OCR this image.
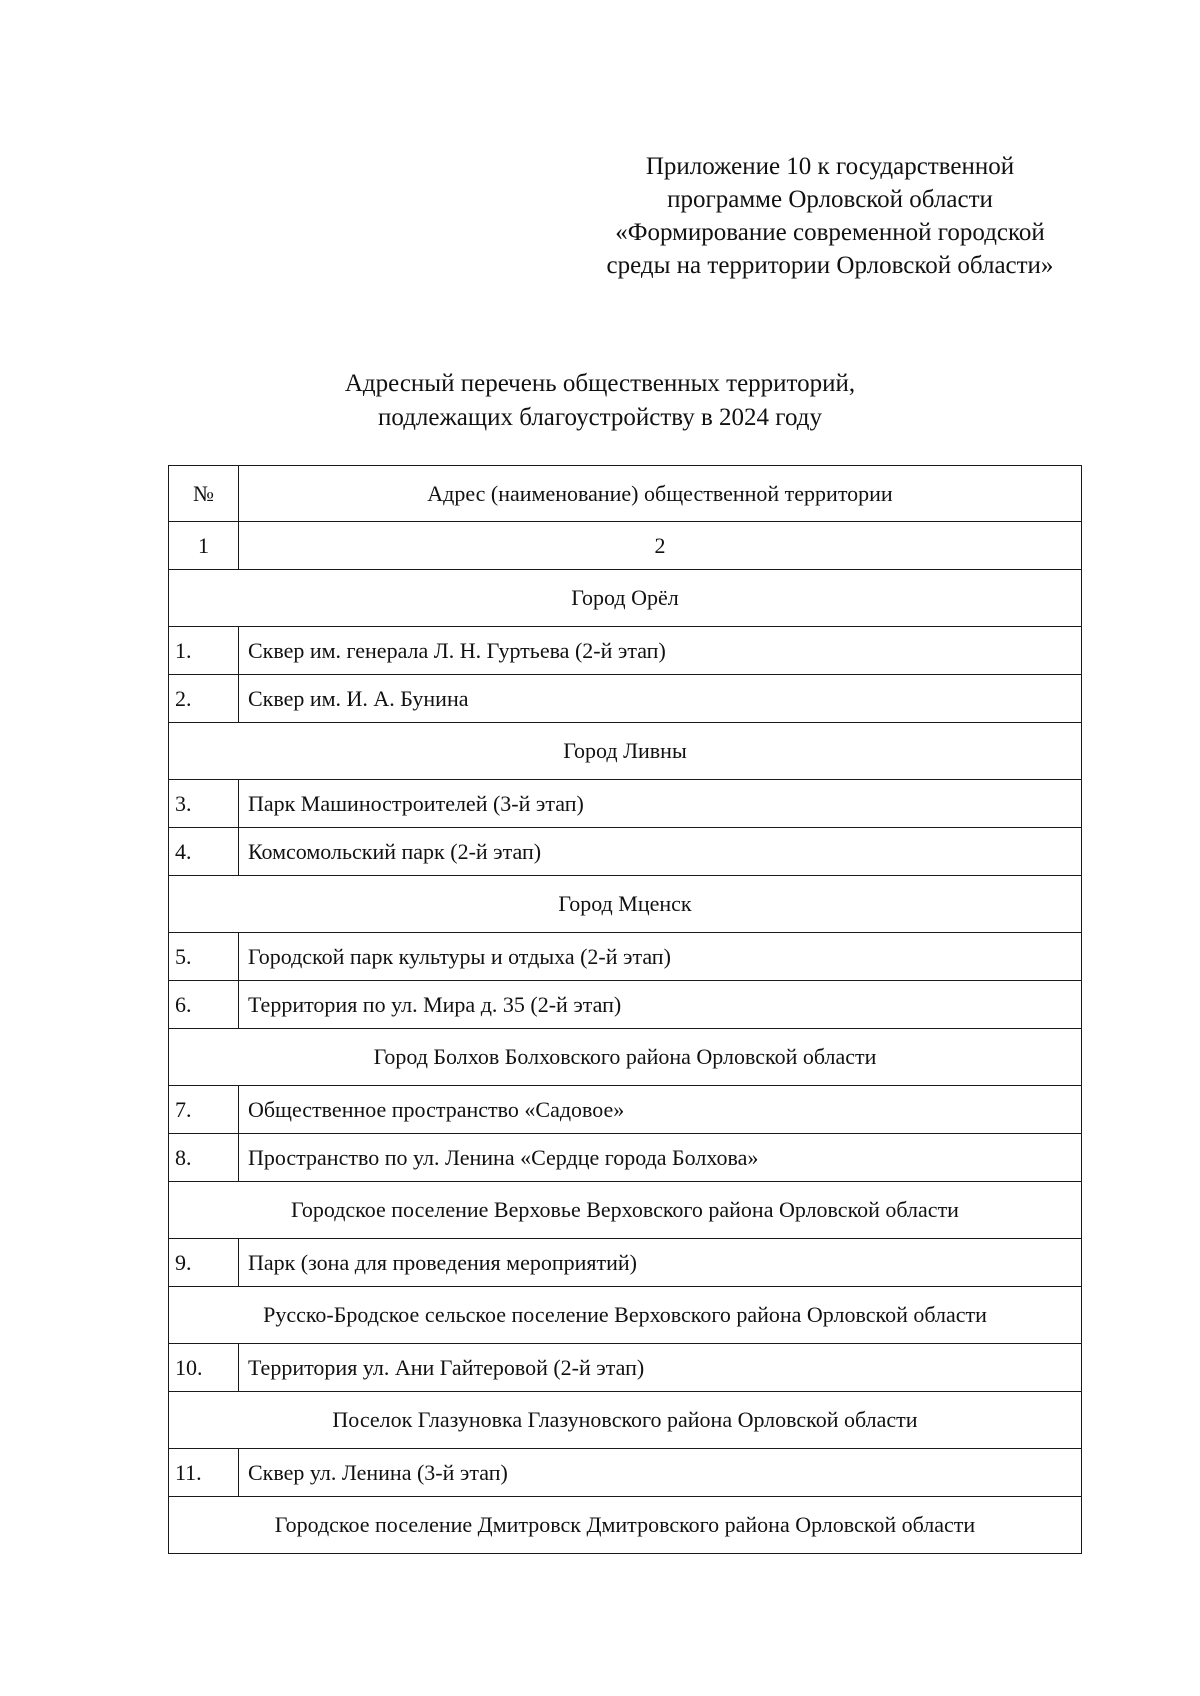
Приложение 10 к государственной
программе Орловской области
«Формирование современной городской
среды на территории Орловской области»
Адресный перечень общественных территорий,
подлежащих благоустройству в 2024 году
№	Адрес (наименование) общественной территории
1	2
Город Орёл	
1.	Сквер им. генерала Л. Н. Гуртьева (2-й этап)
2.	Сквер им. И. А. Бунина
Город Ливны	
3.	Парк Машиностроителей (3-й этап)
4.	Комсомольский парк (2-й этап)
Город Мценск	
5.	Городской парк культуры и отдыха (2-й этап)
6.	Территория по ул. Мира д. 35 (2-й этап)
Город Болхов Болховского района Орловской области	
7.	Общественное пространство «Садовое»
8.	Пространство по ул. Ленина «Сердце города Болхова»
Городское поселение Верховье Верховского района Орловской области	
9.	Парк (зона для проведения мероприятий)
Русско-Бродское сельское поселение Верховского района Орловской области	
10.	Территория ул. Ани Гайтеровой (2-й этап)
Поселок Глазуновка Глазуновского района Орловской области	
11.	Сквер ул. Ленина (3-й этап)
Городское поселение Дмитровск Дмитровского района Орловской области	
